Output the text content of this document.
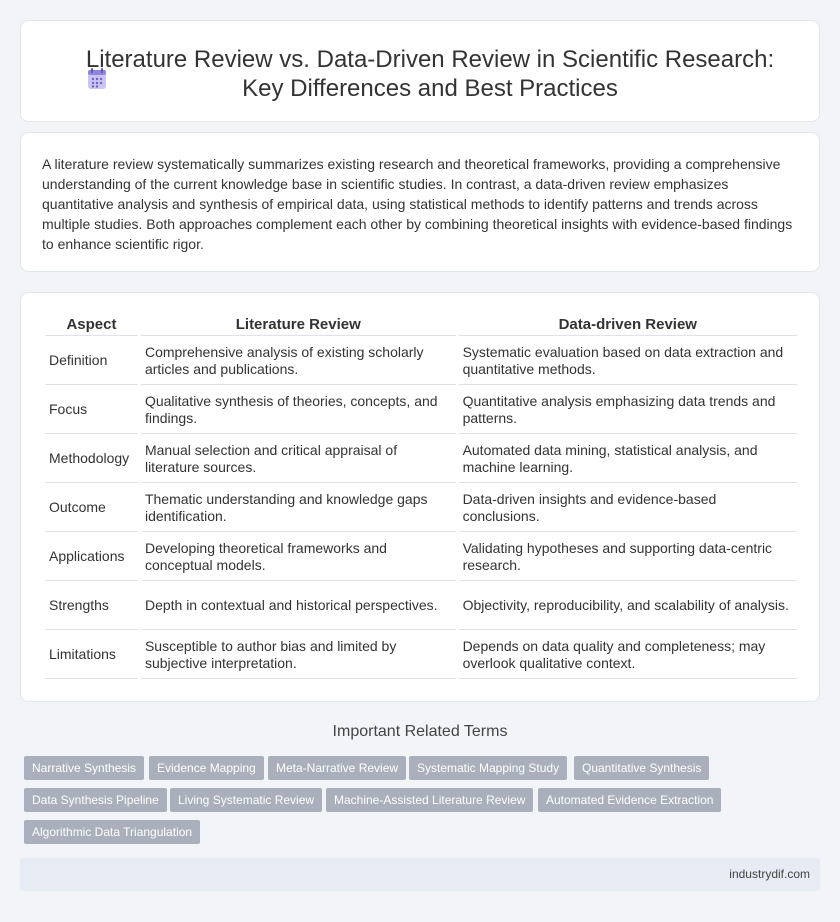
Literature Review vs. Data-Driven Review in Scientific Research: Key Differences and Best Practices

A literature review systematically summarizes existing research and theoretical frameworks, providing a comprehensive understanding of the current knowledge base in scientific studies. In contrast, a data-driven review emphasizes quantitative analysis and synthesis of empirical data, using statistical methods to identify patterns and trends across multiple studies. Both approaches complement each other by combining theoretical insights with evidence-based findings to enhance scientific rigor.

Aspect	Literature Review	Data-driven Review
Definition	Comprehensive analysis of existing scholarly articles and publications.	Systematic evaluation based on data extraction and quantitative methods.
Focus	Qualitative synthesis of theories, concepts, and findings.	Quantitative analysis emphasizing data trends and patterns.
Methodology	Manual selection and critical appraisal of literature sources.	Automated data mining, statistical analysis, and machine learning.
Outcome	Thematic understanding and knowledge gaps identification.	Data-driven insights and evidence-based conclusions.
Applications	Developing theoretical frameworks and conceptual models.	Validating hypotheses and supporting data-centric research.
Strengths	Depth in contextual and historical perspectives.	Objectivity, reproducibility, and scalability of analysis.
Limitations	Susceptible to author bias and limited by subjective interpretation.	Depends on data quality and completeness; may overlook qualitative context.
Important Related Terms
Narrative Synthesis	Evidence Mapping	Meta-Narrative Review	Systematic Mapping Study	Quantitative Synthesis
Data Synthesis Pipeline	Living Systematic Review	Machine-Assisted Literature Review	Automated Evidence Extraction
Algorithmic Data Triangulation
industrydif.com
